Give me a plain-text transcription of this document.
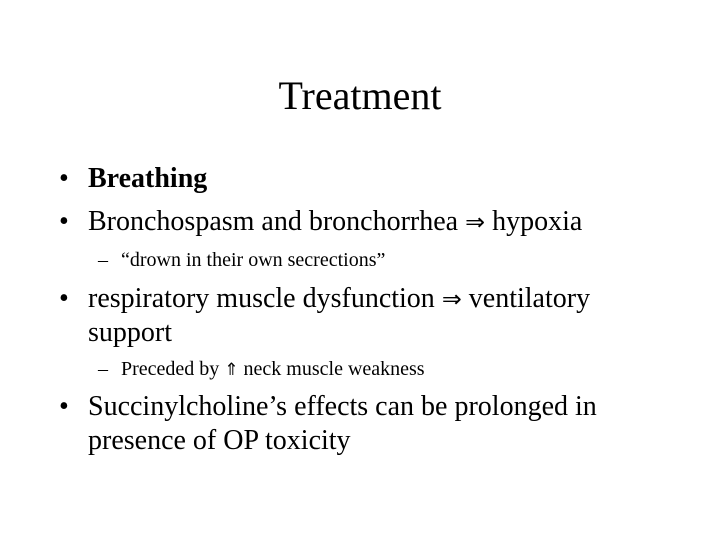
Treatment
• Breathing
• Bronchospasm and bronchorrhea ⇒ hypoxia
– “drown in their own secrections”
• respiratory muscle dysfunction ⇒ ventilatory support
– Preceded by ⇑ neck muscle weakness
• Succinylcholine’s effects can be prolonged in presence of OP toxicity
